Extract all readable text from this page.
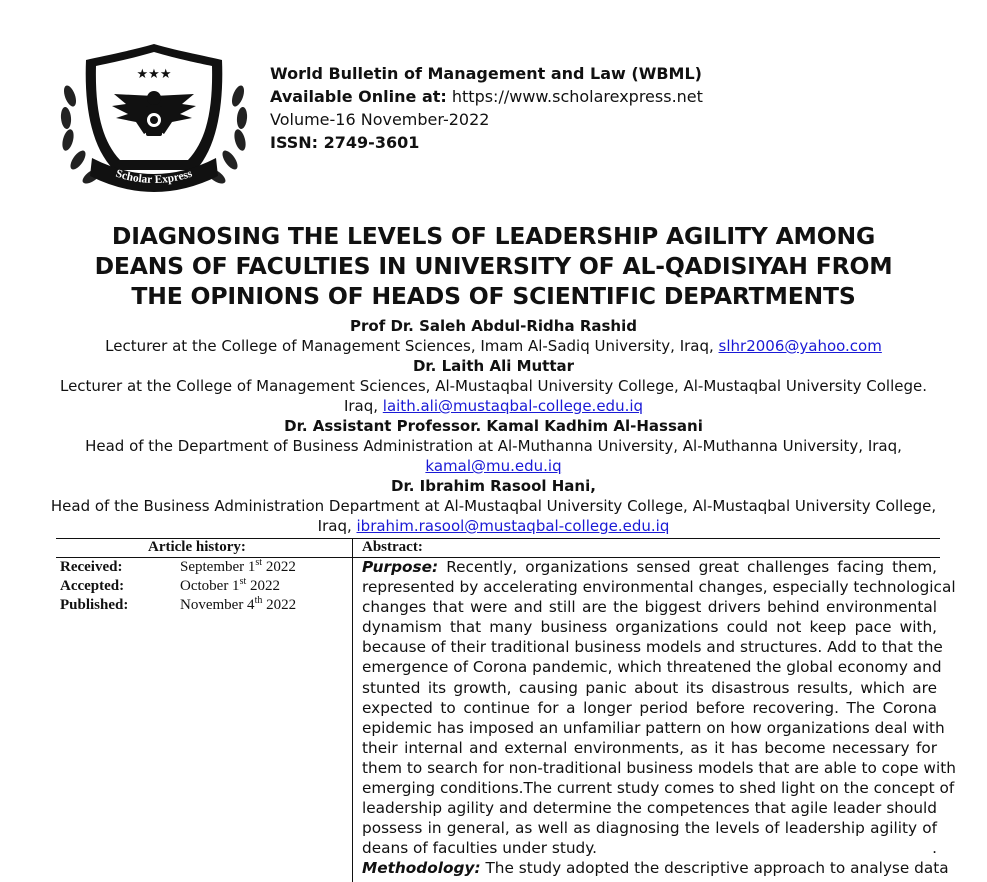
★★★
Scholar Express
World Bulletin of Management and Law (WBML)
Available Online at: https://www.scholarexpress.net
Volume-16 November-2022
ISSN: 2749-3601
DIAGNOSING THE LEVELS OF LEADERSHIP AGILITY AMONG
DEANS OF FACULTIES IN UNIVERSITY OF AL-QADISIYAH FROM
THE OPINIONS OF HEADS OF SCIENTIFIC DEPARTMENTS
Prof Dr. Saleh Abdul-Ridha Rashid
Lecturer at the College of Management Sciences, Imam Al-Sadiq University, Iraq, slhr2006@yahoo.com
Dr. Laith Ali Muttar
Lecturer at the College of Management Sciences, Al-Mustaqbal University College, Al-Mustaqbal University College.
Iraq, laith.ali@mustaqbal-college.edu.iq
Dr. Assistant Professor. Kamal Kadhim Al-Hassani
Head of the Department of Business Administration at Al-Muthanna University, Al-Muthanna University, Iraq,
kamal@mu.edu.iq
Dr. Ibrahim Rasool Hani,
Head of the Business Administration Department at Al-Mustaqbal University College, Al-Mustaqbal University College,
Iraq, ibrahim.rasool@mustaqbal-college.edu.iq
Article history:	Abstract:
Received:	September 1st 2022
Accepted:	October 1st 2022
Published:	November 4th 2022
Purpose: Recently, organizations sensed great challenges facing them,
represented by accelerating environmental changes, especially technological
changes that were and still are the biggest drivers behind environmental
dynamism that many business organizations could not keep pace with,
because of their traditional business models and structures. Add to that the
emergence of Corona pandemic, which threatened the global economy and
stunted its growth, causing panic about its disastrous results, which are
expected to continue for a longer period before recovering. The Corona
epidemic has imposed an unfamiliar pattern on how organizations deal with
their internal and external environments, as it has become necessary for
them to search for non-traditional business models that are able to cope with
emerging conditions.The current study comes to shed light on the concept of
leadership agility and determine the competences that agile leader should
possess in general, as well as diagnosing the levels of leadership agility of
deans of faculties under study.	.
Methodology: The study adopted the descriptive approach to analyse data
